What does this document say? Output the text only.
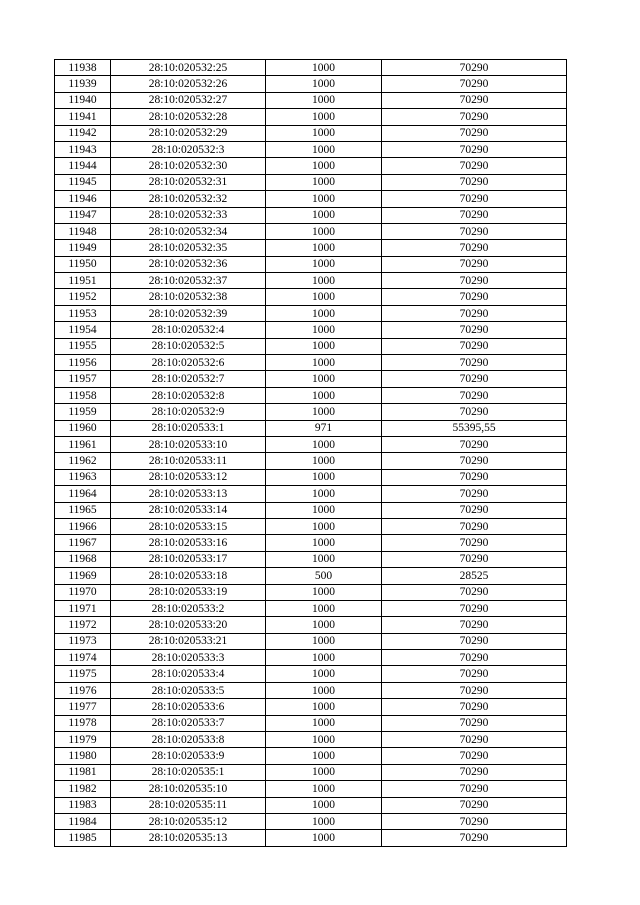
11938	28:10:020532:25	1000	70290
11939	28:10:020532:26	1000	70290
11940	28:10:020532:27	1000	70290
11941	28:10:020532:28	1000	70290
11942	28:10:020532:29	1000	70290
11943	28:10:020532:3	1000	70290
11944	28:10:020532:30	1000	70290
11945	28:10:020532:31	1000	70290
11946	28:10:020532:32	1000	70290
11947	28:10:020532:33	1000	70290
11948	28:10:020532:34	1000	70290
11949	28:10:020532:35	1000	70290
11950	28:10:020532:36	1000	70290
11951	28:10:020532:37	1000	70290
11952	28:10:020532:38	1000	70290
11953	28:10:020532:39	1000	70290
11954	28:10:020532:4	1000	70290
11955	28:10:020532:5	1000	70290
11956	28:10:020532:6	1000	70290
11957	28:10:020532:7	1000	70290
11958	28:10:020532:8	1000	70290
11959	28:10:020532:9	1000	70290
11960	28:10:020533:1	971	55395,55
11961	28:10:020533:10	1000	70290
11962	28:10:020533:11	1000	70290
11963	28:10:020533:12	1000	70290
11964	28:10:020533:13	1000	70290
11965	28:10:020533:14	1000	70290
11966	28:10:020533:15	1000	70290
11967	28:10:020533:16	1000	70290
11968	28:10:020533:17	1000	70290
11969	28:10:020533:18	500	28525
11970	28:10:020533:19	1000	70290
11971	28:10:020533:2	1000	70290
11972	28:10:020533:20	1000	70290
11973	28:10:020533:21	1000	70290
11974	28:10:020533:3	1000	70290
11975	28:10:020533:4	1000	70290
11976	28:10:020533:5	1000	70290
11977	28:10:020533:6	1000	70290
11978	28:10:020533:7	1000	70290
11979	28:10:020533:8	1000	70290
11980	28:10:020533:9	1000	70290
11981	28:10:020535:1	1000	70290
11982	28:10:020535:10	1000	70290
11983	28:10:020535:11	1000	70290
11984	28:10:020535:12	1000	70290
11985	28:10:020535:13	1000	70290
